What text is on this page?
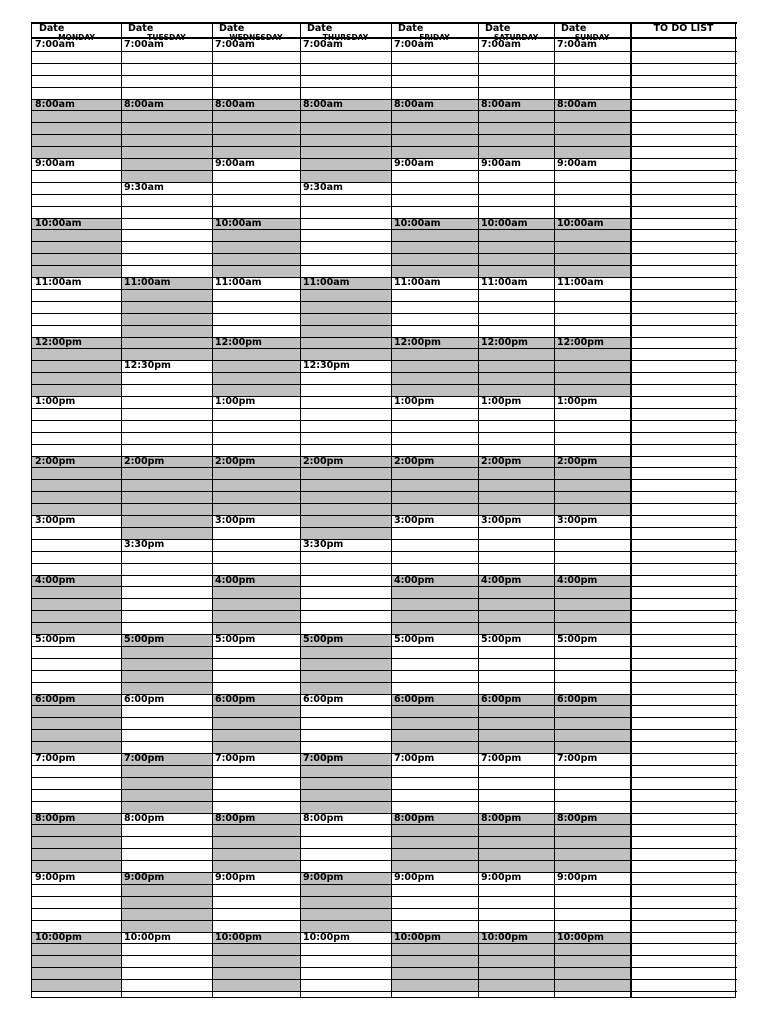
Date
MONDAY
Date
TUESDAY
Date
WEDNESDAY
Date
THURSDAY
Date
FRIDAY
Date
SATURDAY
Date
SUNDAY
TO DO LIST
7:00am
8:00am
9:00am
10:00am
11:00am
12:00pm
1:00pm
2:00pm
3:00pm
4:00pm
5:00pm
6:00pm
7:00pm
8:00pm
9:00pm
10:00pm
7:00am
8:00am
9:30am
11:00am
12:30pm
2:00pm
3:30pm
5:00pm
6:00pm
7:00pm
8:00pm
9:00pm
10:00pm
7:00am
8:00am
9:00am
10:00am
11:00am
12:00pm
1:00pm
2:00pm
3:00pm
4:00pm
5:00pm
6:00pm
7:00pm
8:00pm
9:00pm
10:00pm
7:00am
8:00am
9:30am
11:00am
12:30pm
2:00pm
3:30pm
5:00pm
6:00pm
7:00pm
8:00pm
9:00pm
10:00pm
7:00am
8:00am
9:00am
10:00am
11:00am
12:00pm
1:00pm
2:00pm
3:00pm
4:00pm
5:00pm
6:00pm
7:00pm
8:00pm
9:00pm
10:00pm
7:00am
8:00am
9:00am
10:00am
11:00am
12:00pm
1:00pm
2:00pm
3:00pm
4:00pm
5:00pm
6:00pm
7:00pm
8:00pm
9:00pm
10:00pm
7:00am
8:00am
9:00am
10:00am
11:00am
12:00pm
1:00pm
2:00pm
3:00pm
4:00pm
5:00pm
6:00pm
7:00pm
8:00pm
9:00pm
10:00pm
